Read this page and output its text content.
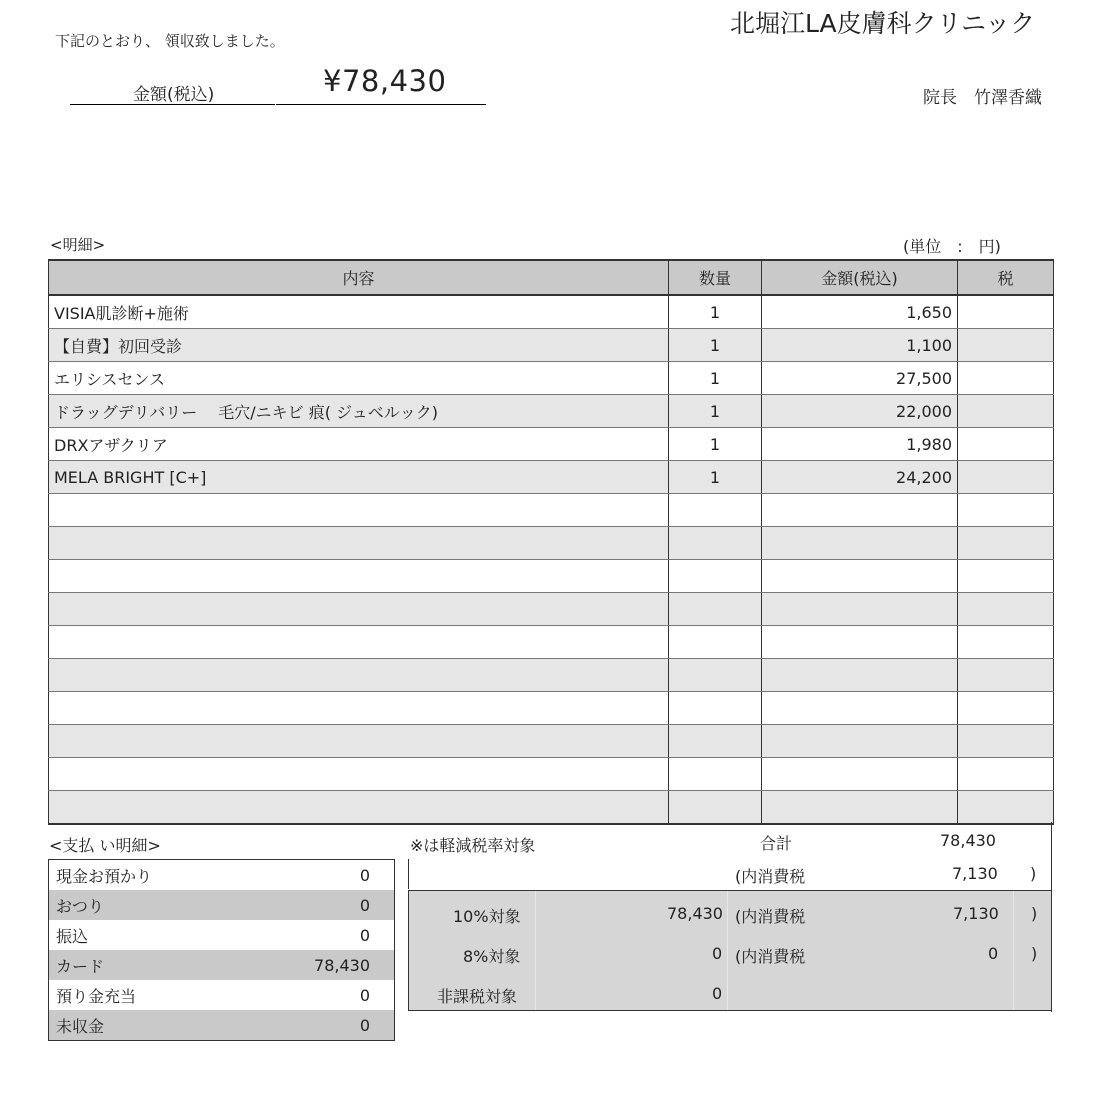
下記のとおり、 領収致しました。
北堀江LA皮膚科クリニック
院長　竹澤香織
金額(税込)	¥78,430
<明細>	(単位　:　円)
内容	数量	金額(税込)	税
VISIA肌診断+施術	1	1,650	
【自費】初回受診	1	1,100	
エリシスセンス	1	27,500	
ドラッグデリバリー　 毛穴/ニキビ 痕( ジュベルック)	1	22,000	
DRXアザクリア	1	1,980	
MELA BRIGHT [C+]	1	24,200	

<支払 い明細>
現金お預かり	0
おつり	0
振込	0
カード	78,430
預り金充当	0
未収金	0
※は軽減税率対象	合計	78,430
(内消費税	7,130 )
10%対象	78,430 (内消費税	7,130 )
8%対象	0 (内消費税	0 )
非課税対象	0
